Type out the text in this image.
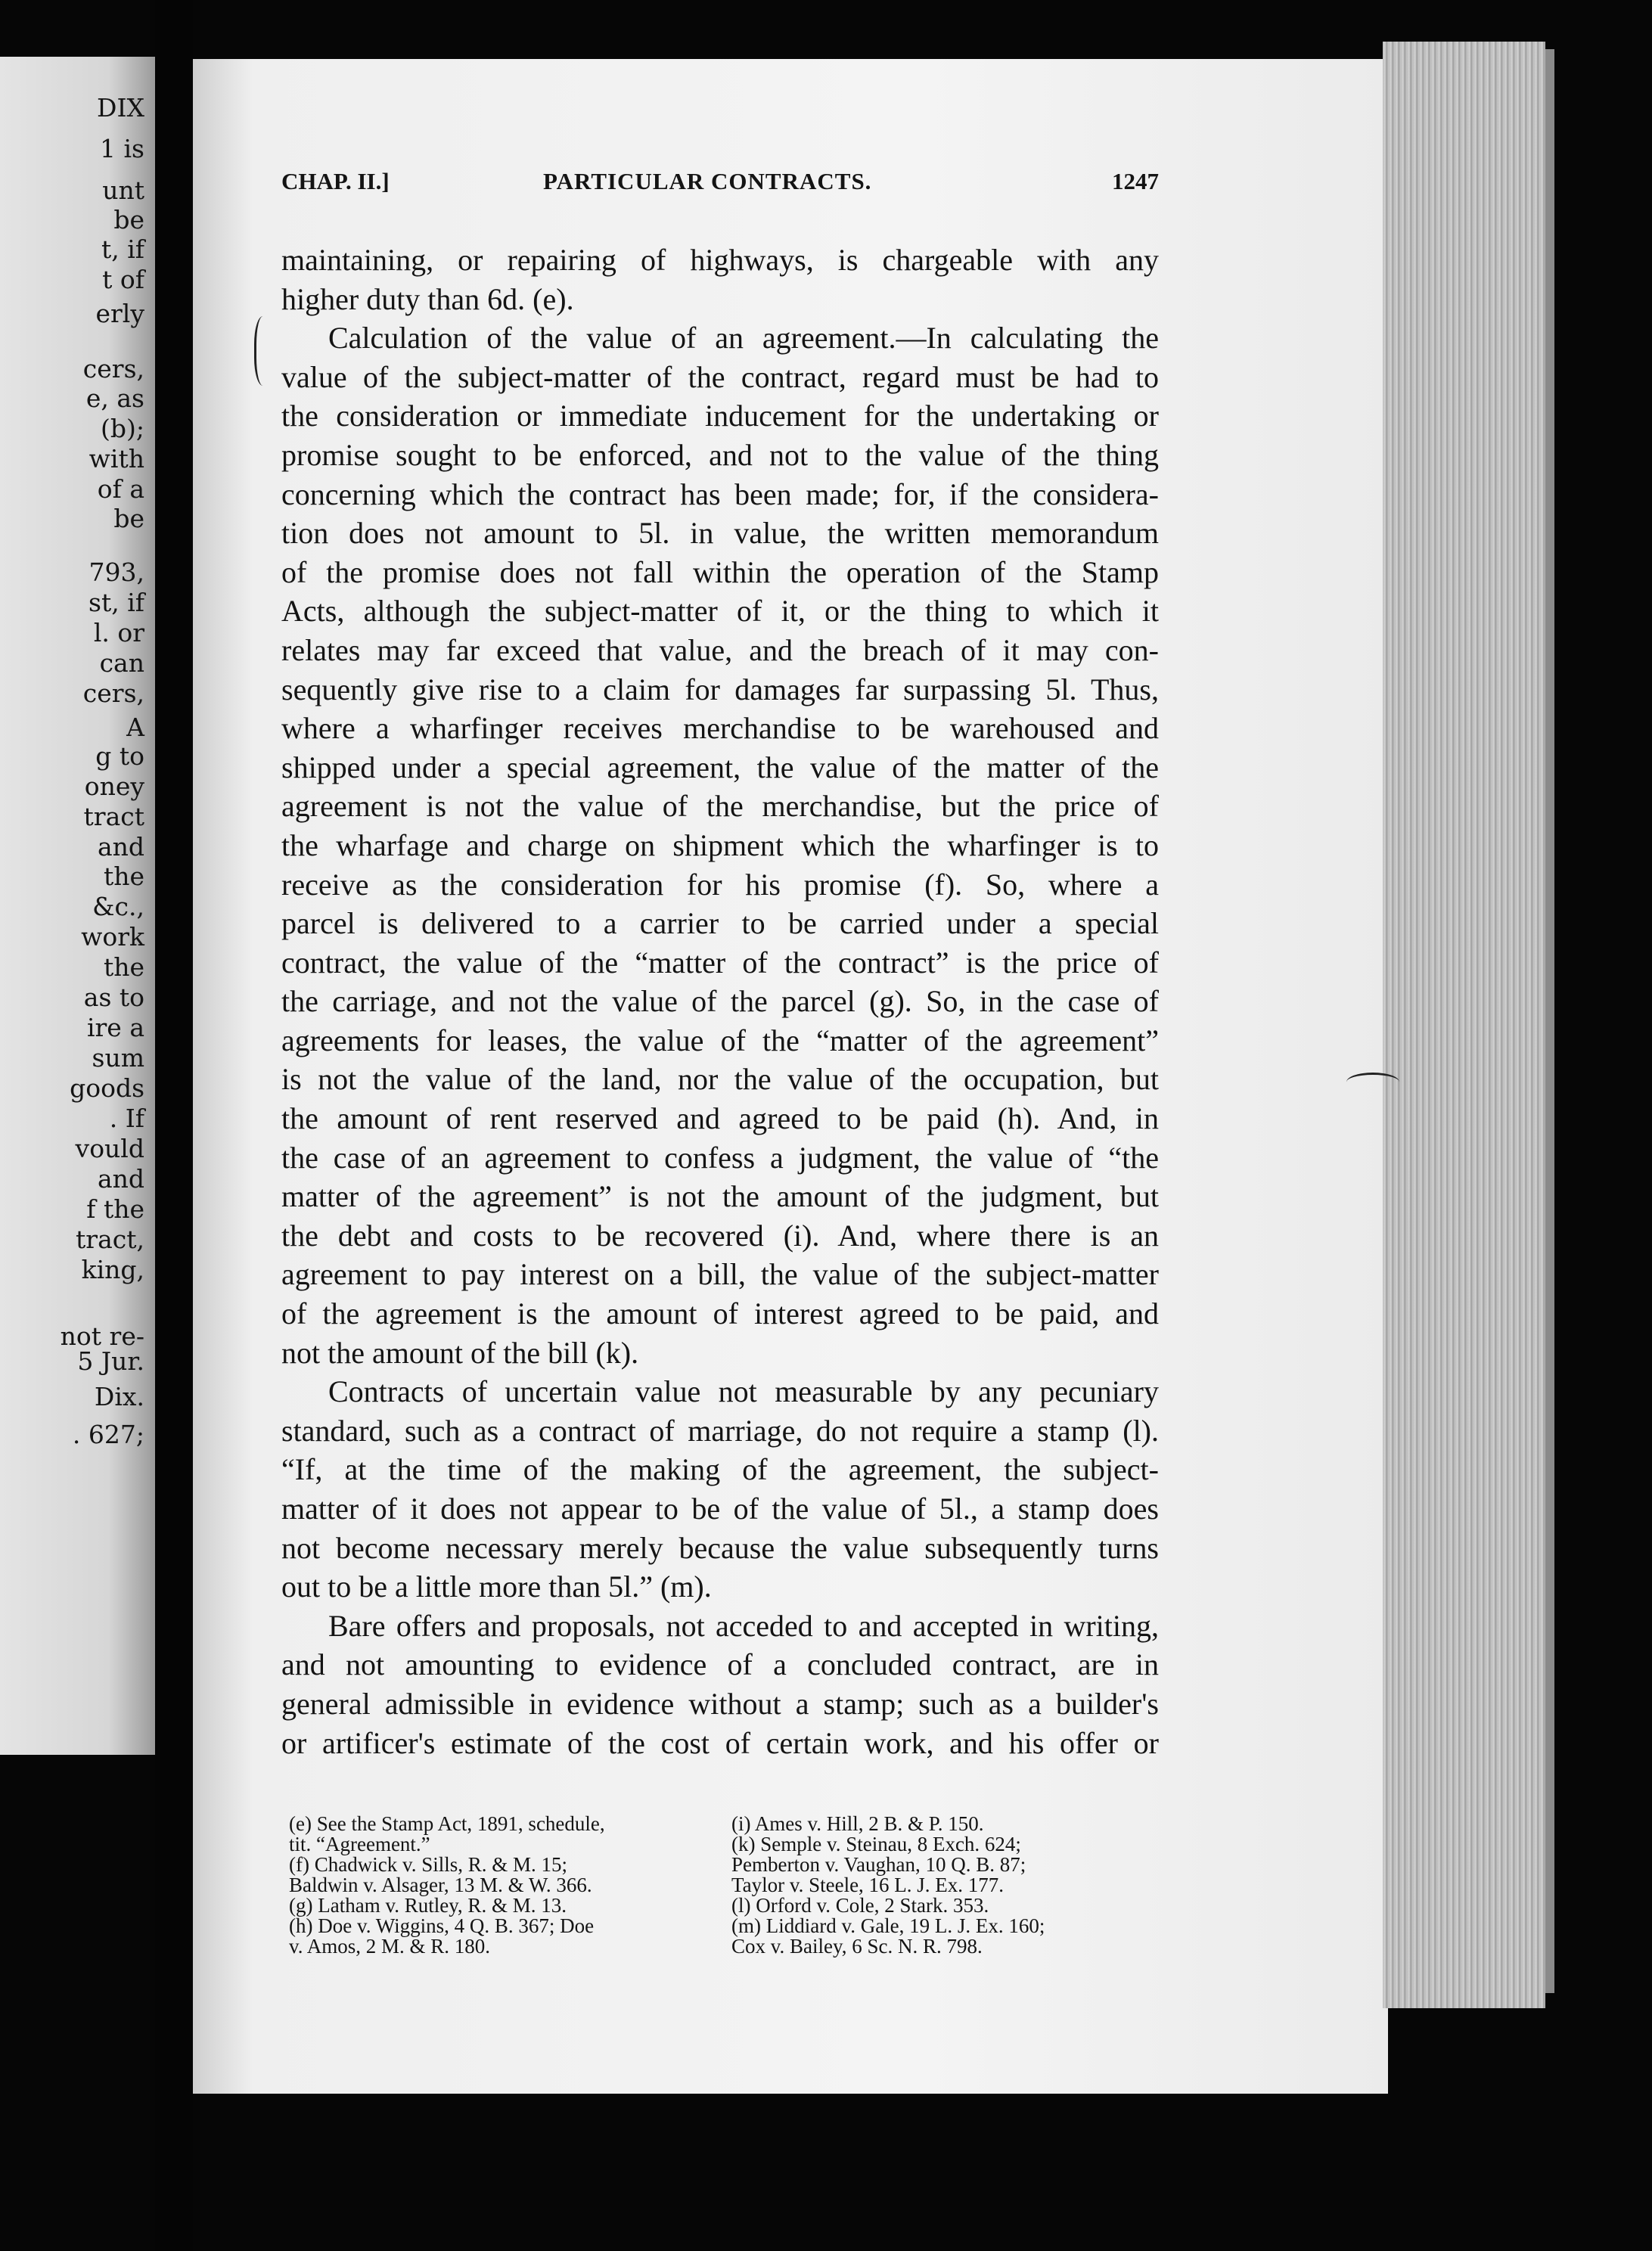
DIX
1 is
unt
be
t, if
t of
erly
cers,
e, as
(b);
with
of a
be
793,
st, if
l. or
can
cers,
A
g to
oney
tract
and
the
&c.,
work
the
as to
ire a
sum
goods
. If
vould
and
f the
tract,
king,
not re-
5 Jur.
Dix.
. 627;
CHAP. II.]	PARTICULAR CONTRACTS.	1247
maintaining, or repairing of highways, is chargeable with any
higher duty than 6d. (e).
Calculation of the value of an agreement.—In calculating the
value of the subject-matter of the contract, regard must be had to
the consideration or immediate inducement for the undertaking or
promise sought to be enforced, and not to the value of the thing
concerning which the contract has been made; for, if the considera-
tion does not amount to 5l. in value, the written memorandum
of the promise does not fall within the operation of the Stamp
Acts, although the subject-matter of it, or the thing to which it
relates may far exceed that value, and the breach of it may con-
sequently give rise to a claim for damages far surpassing 5l. Thus,
where a wharfinger receives merchandise to be warehoused and
shipped under a special agreement, the value of the matter of the
agreement is not the value of the merchandise, but the price of
the wharfage and charge on shipment which the wharfinger is to
receive as the consideration for his promise (f). So, where a
parcel is delivered to a carrier to be carried under a special
contract, the value of the “matter of the contract” is the price of
the carriage, and not the value of the parcel (g). So, in the case of
agreements for leases, the value of the “matter of the agreement”
is not the value of the land, nor the value of the occupation, but
the amount of rent reserved and agreed to be paid (h). And, in
the case of an agreement to confess a judgment, the value of “the
matter of the agreement” is not the amount of the judgment, but
the debt and costs to be recovered (i). And, where there is an
agreement to pay interest on a bill, the value of the subject-matter
of the agreement is the amount of interest agreed to be paid, and
not the amount of the bill (k).
Contracts of uncertain value not measurable by any pecuniary
standard, such as a contract of marriage, do not require a stamp (l).
“If, at the time of the making of the agreement, the subject-
matter of it does not appear to be of the value of 5l., a stamp does
not become necessary merely because the value subsequently turns
out to be a little more than 5l.” (m).
Bare offers and proposals, not acceded to and accepted in writing,
and not amounting to evidence of a concluded contract, are in
general admissible in evidence without a stamp; such as a builder's
or artificer's estimate of the cost of certain work, and his offer or

(e) See the Stamp Act, 1891, schedule,

tit. “Agreement.”

(f) Chadwick v. Sills, R. & M. 15;

Baldwin v. Alsager, 13 M. & W. 366.

(g) Latham v. Rutley, R. & M. 13.

(h) Doe v. Wiggins, 4 Q. B. 367; Doe

v. Amos, 2 M. & R. 180.

(i) Ames v. Hill, 2 B. & P. 150.

(k) Semple v. Steinau, 8 Exch. 624;

Pemberton v. Vaughan, 10 Q. B. 87;

Taylor v. Steele, 16 L. J. Ex. 177.

(l) Orford v. Cole, 2 Stark. 353.

(m) Liddiard v. Gale, 19 L. J. Ex. 160;

Cox v. Bailey, 6 Sc. N. R. 798.
